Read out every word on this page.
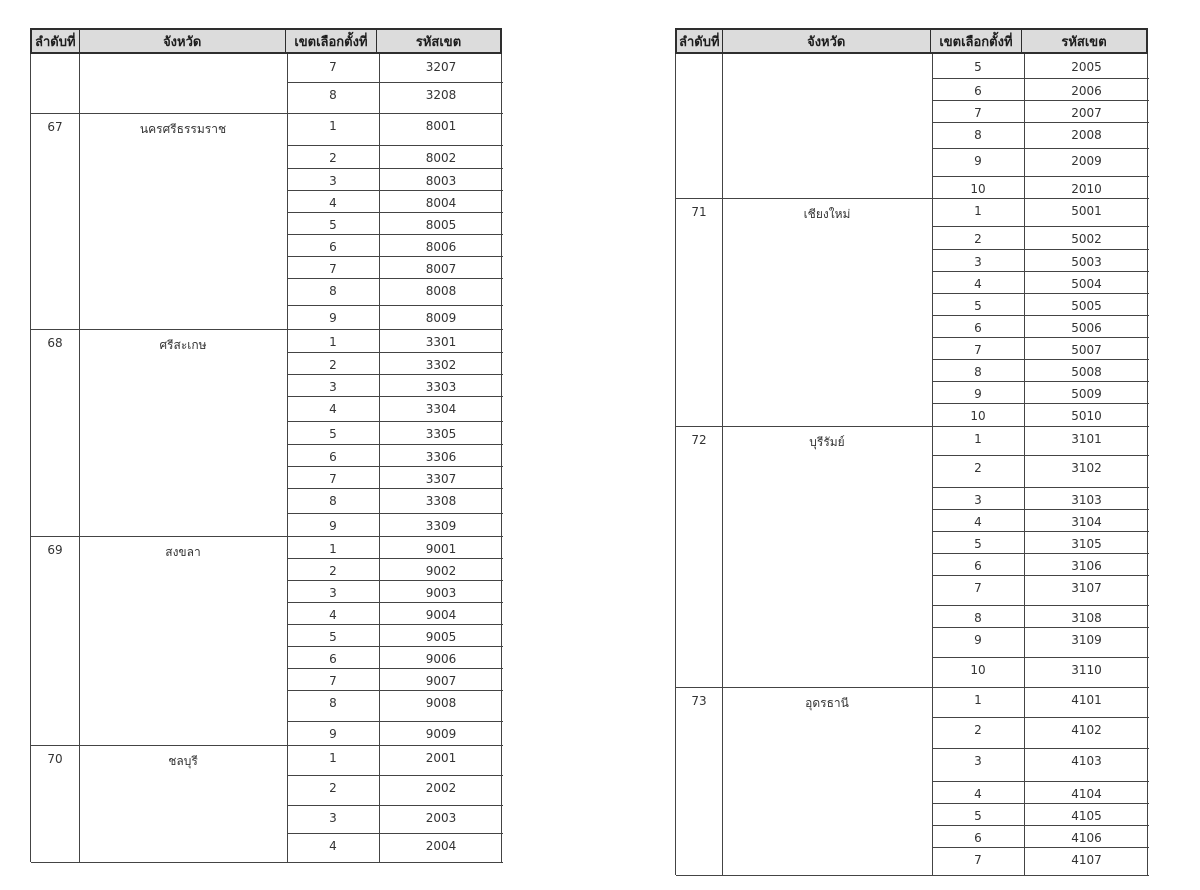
ลำดับที่	จังหวัด	เขตเลือกตั้งที่	รหัสเขต
7	3207
8	3208
67	นครศรีธรรมราช	1	8001
2	8002
3	8003
4	8004
5	8005
6	8006
7	8007
8	8008
9	8009
68	ศรีสะเกษ	1	3301
2	3302
3	3303
4	3304
5	3305
6	3306
7	3307
8	3308
9	3309
69	สงขลา	1	9001
2	9002
3	9003
4	9004
5	9005
6	9006
7	9007
8	9008
9	9009
70	ชลบุรี	1	2001
2	2002
3	2003
4	2004
ลำดับที่	จังหวัด	เขตเลือกตั้งที่	รหัสเขต
5	2005
6	2006
7	2007
8	2008
9	2009
10	2010
71	เชียงใหม่	1	5001
2	5002
3	5003
4	5004
5	5005
6	5006
7	5007
8	5008
9	5009
10	5010
72	บุรีรัมย์	1	3101
2	3102
3	3103
4	3104
5	3105
6	3106
7	3107
8	3108
9	3109
10	3110
73	อุดรธานี	1	4101
2	4102
3	4103
4	4104
5	4105
6	4106
7	4107
